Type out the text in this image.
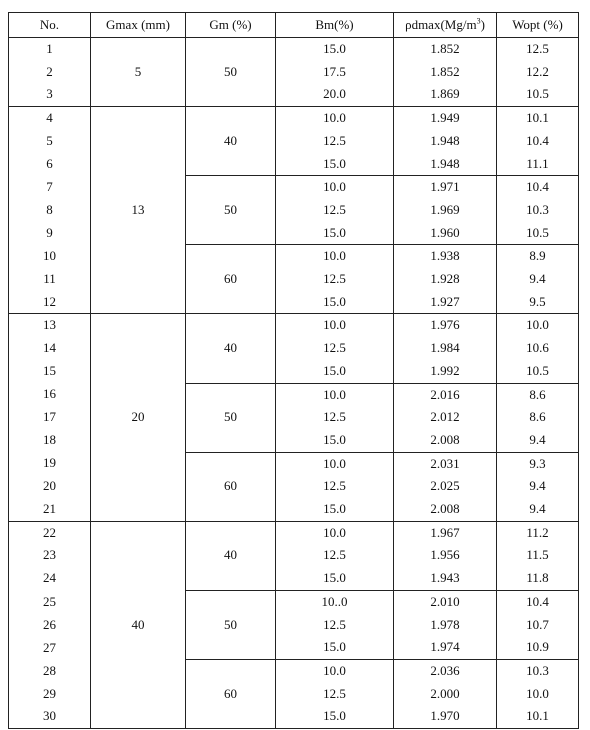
No.	Gmax (mm)	Gm (%)	Bm(%)	$\rho dmax(Mg/m^3)$	Wopt (%)
1	5	50	15.0	1.852	12.5
2			17.5	1.852	12.2
3			20.0	1.869	10.5
4	13	40	10.0	1.949	10.1
5			12.5	1.948	10.4
6			15.0	1.948	11.1
7		50	10.0	1.971	10.4
8			12.5	1.969	10.3
9			15.0	1.960	10.5
10		60	10.0	1.938	8.9
11			12.5	1.928	9.4
12			15.0	1.927	9.5
13	20	40	10.0	1.976	10.0
14			12.5	1.984	10.6
15			15.0	1.992	10.5
16		50	10.0	2.016	8.6
17			12.5	2.012	8.6
18			15.0	2.008	9.4
19		60	10.0	2.031	9.3
20			12.5	2.025	9.4
21			15.0	2.008	9.4
22	40	40	10.0	1.967	11.2
23			12.5	1.956	11.5
24			15.0	1.943	11.8
25		50	10..0	2.010	10.4
26			12.5	1.978	10.7
27			15.0	1.974	10.9
28		60	10.0	2.036	10.3
29			12.5	2.000	10.0
30			15.0	1.970	10.1
